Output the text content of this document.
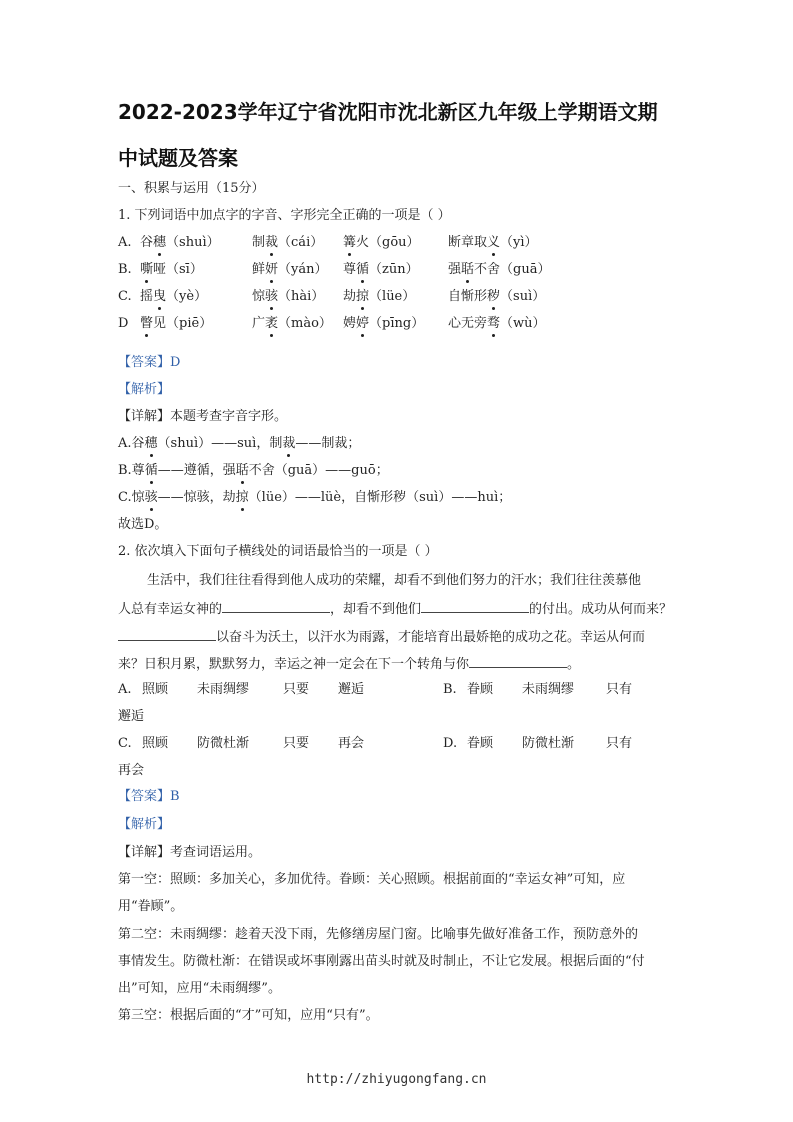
2022-2023学年辽宁省沈阳市沈北新区九年级上学期语文期
中试题及答案
一、积累与运用（15分）
1. 下列词语中加点字的字音、字形完全正确的一项是（ ）
A. 谷穗（shuì） 制裁（cái） 篝火（gōu） 断章取义（yì）
B. 嘶哑（sī）	鲜妍（yán） 尊循（zūn） 强聒不舍（guā）
C. 摇曳（yè）	惊骇（hài） 劫掠（lüe）	自惭形秽（suì）
D 瞥见（piē）	广袤（mào） 娉婷（pīng） 心无旁骛（wù）
【答案】D
【解析】
【详解】本题考查字音字形。
A.谷穗（shuì）——suì，制裁——制裁；
B.尊循——遵循，强聒不舍（guā）——guō；
C.惊骇——惊骇，劫掠（lüe）——lüè，自惭形秽（suì）——huì；
故选D。
2. 依次填入下面句子横线处的词语最恰当的一项是（ ）
生活中，我们往往看得到他人成功的荣耀，却看不到他们努力的汗水；我们往往羡慕他
人总有幸运女神的	，却看不到他们	的付出。成功从何而来？
以奋斗为沃土，以汗水为雨露，才能培育出最娇艳的成功之花。幸运从何而
来？日积月累，默默努力，幸运之神一定会在下一个转角与你	。
A. 照顾 未雨绸缪	只要 邂逅	B. 眷顾 未雨绸缪 只有
邂逅
C. 照顾 防微杜渐	只要 再会	D. 眷顾 防微杜渐 只有
再会
【答案】B
【解析】
【详解】考查词语运用。
第一空：照顾：多加关心，多加优待。眷顾：关心照顾。根据前面的“幸运女神”可知，应
用“眷顾”。
第二空：未雨绸缪：趁着天没下雨，先修缮房屋门窗。比喻事先做好准备工作，预防意外的
事情发生。防微杜渐：在错误或坏事刚露出苗头时就及时制止，不让它发展。根据后面的“付
出”可知，应用“未雨绸缪”。
第三空：根据后面的“才”可知，应用“只有”。
http://zhiyugongfang.cn
